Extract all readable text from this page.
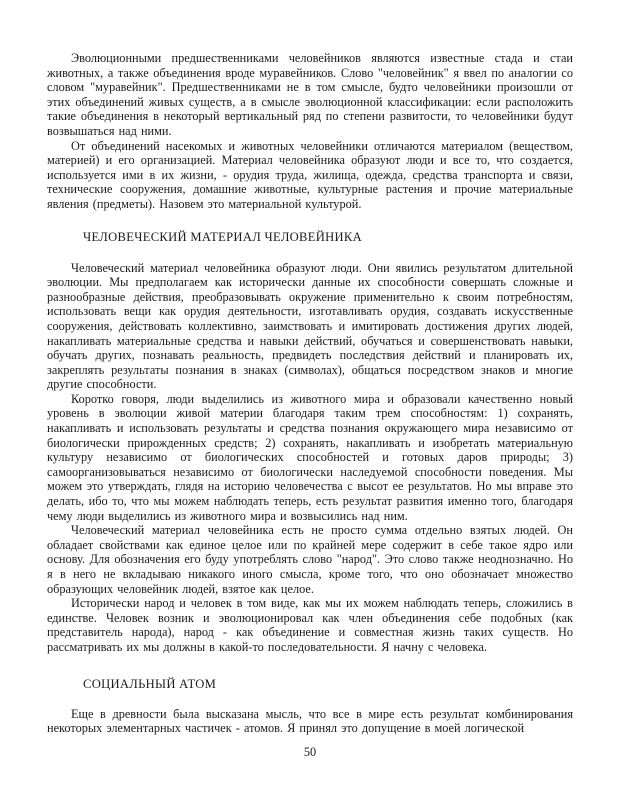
Эволюционными предшественниками человейников являются известные стада и стаи животных, а также объединения вроде муравейников. Слово "человейник" я ввел по аналогии со словом "муравейник". Предшественниками не в том смысле, будто человейники произошли от этих объединений живых существ, а в смысле эволюционной классификации: если расположить такие объединения в некоторый вертикальный ряд по степени развитости, то человейники будут возвышаться над ними.

От объединений насекомых и животных человейники отличаются материалом (веществом, материей) и его организацией. Материал человейника образуют люди и все то, что создается, используется ими в их жизни, - орудия труда, жилища, одежда, средства транспорта и связи, технические сооружения, домашние животные, культурные растения и прочие материальные явления (предметы). Назовем это материальной культурой.

ЧЕЛОВЕЧЕСКИЙ МАТЕРИАЛ ЧЕЛОВЕЙНИКА

Человеческий материал человейника образуют люди. Они явились результатом длительной эволюции. Мы предполагаем как исторически данные их способности совершать сложные и разнообразные действия, преобразовывать окружение применительно к своим потребностям, использовать вещи как орудия деятельности, изготавливать орудия, создавать искусственные сооружения, действовать коллективно, заимствовать и имитировать достижения других людей, накапливать материальные средства и навыки действий, обучаться и совершенствовать навыки, обучать других, познавать реальность, предвидеть последствия действий и планировать их, закреплять результаты познания в знаках (символах), общаться посредством знаков и многие другие способности.

Коротко говоря, люди выделились из животного мира и образовали качественно новый уровень в эволюции живой материи благодаря таким трем способностям: 1) сохранять, накапливать и использовать результаты и средства познания окружающего мира независимо от биологически прирожденных средств; 2) сохранять, накапливать и изобретать материальную культуру независимо от биологических способностей и готовых даров природы; 3) самоорганизовываться независимо от биологически наследуемой способности поведения. Мы можем это утверждать, глядя на историю человечества с высот ее результатов. Но мы вправе это делать, ибо то, что мы можем наблюдать теперь, есть результат развития именно того, благодаря чему люди выделились из животного мира и возвысились над ним.

Человеческий материал человейника есть не просто сумма отдельно взятых людей. Он обладает свойствами как единое целое или по крайней мере содержит в себе такое ядро или основу. Для обозначения его буду употреблять слово "народ". Это слово также неоднозначно. Но я в него не вкладываю никакого иного смысла, кроме того, что оно обозначает множество образующих человейник людей, взятое как целое.

Исторически народ и человек в том виде, как мы их можем наблюдать теперь, сложились в единстве. Человек возник и эволюционировал как член объединения себе подобных (как представитель народа), народ - как объединение и совместная жизнь таких существ. Но рассматривать их мы должны в какой-то последовательности. Я начну с человека.

СОЦИАЛЬНЫЙ АТОМ

Еще в древности была высказана мысль, что все в мире есть результат комбинирования некоторых элементарных частичек - атомов. Я принял это допущение в моей логической

50
